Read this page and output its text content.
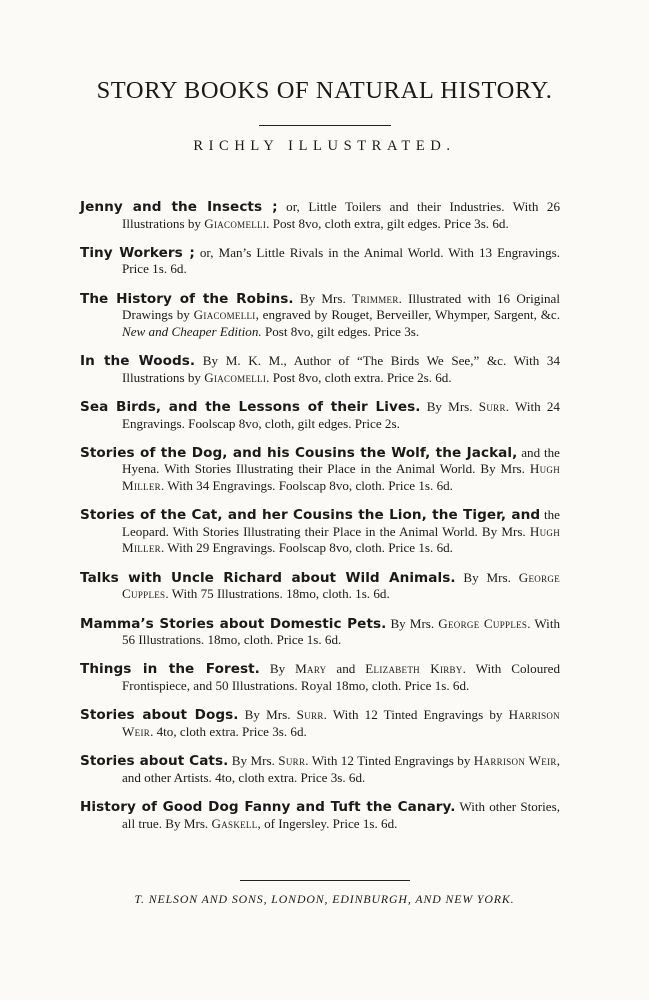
STORY BOOKS OF NATURAL HISTORY.
RICHLY ILLUSTRATED.

Jenny and the Insects ; or, Little Toilers and their Industries. With 26 Illustrations by Giacomelli. Post 8vo, cloth extra, gilt edges. Price 3s. 6d.

Tiny Workers ; or, Man’s Little Rivals in the Animal World. With 13 Engravings. Price 1s. 6d.

The History of the Robins. By Mrs. Trimmer. Illustrated with 16 Original Drawings by Giacomelli, engraved by Rouget, Berveiller, Whymper, Sargent, &c. New and Cheaper Edition. Post 8vo, gilt edges. Price 3s.

In the Woods. By M. K. M., Author of “The Birds We See,” &c. With 34 Illustrations by Giacomelli. Post 8vo, cloth extra. Price 2s. 6d.

Sea Birds, and the Lessons of their Lives. By Mrs. Surr. With 24 Engravings. Foolscap 8vo, cloth, gilt edges. Price 2s.

Stories of the Dog, and his Cousins the Wolf, the Jackal, and the Hyena. With Stories Illustrating their Place in the Animal World. By Mrs. Hugh Miller. With 34 Engravings. Foolscap 8vo, cloth. Price 1s. 6d.

Stories of the Cat, and her Cousins the Lion, the Tiger, and the Leopard. With Stories Illustrating their Place in the Animal World. By Mrs. Hugh Miller. With 29 Engravings. Foolscap 8vo, cloth. Price 1s. 6d.

Talks with Uncle Richard about Wild Animals. By Mrs. George Cupples. With 75 Illustrations. 18mo, cloth. 1s. 6d.

Mamma’s Stories about Domestic Pets. By Mrs. George Cupples. With 56 Illustrations. 18mo, cloth. Price 1s. 6d.

Things in the Forest. By Mary and Elizabeth Kirby. With Coloured Frontispiece, and 50 Illustrations. Royal 18mo, cloth. Price 1s. 6d.

Stories about Dogs. By Mrs. Surr. With 12 Tinted Engravings by Harrison Weir. 4to, cloth extra. Price 3s. 6d.

Stories about Cats. By Mrs. Surr. With 12 Tinted Engravings by Harrison Weir, and other Artists. 4to, cloth extra. Price 3s. 6d.

History of Good Dog Fanny and Tuft the Canary. With other Stories, all true. By Mrs. Gaskell, of Ingersley. Price 1s. 6d.

T. NELSON AND SONS, LONDON, EDINBURGH, AND NEW YORK.
